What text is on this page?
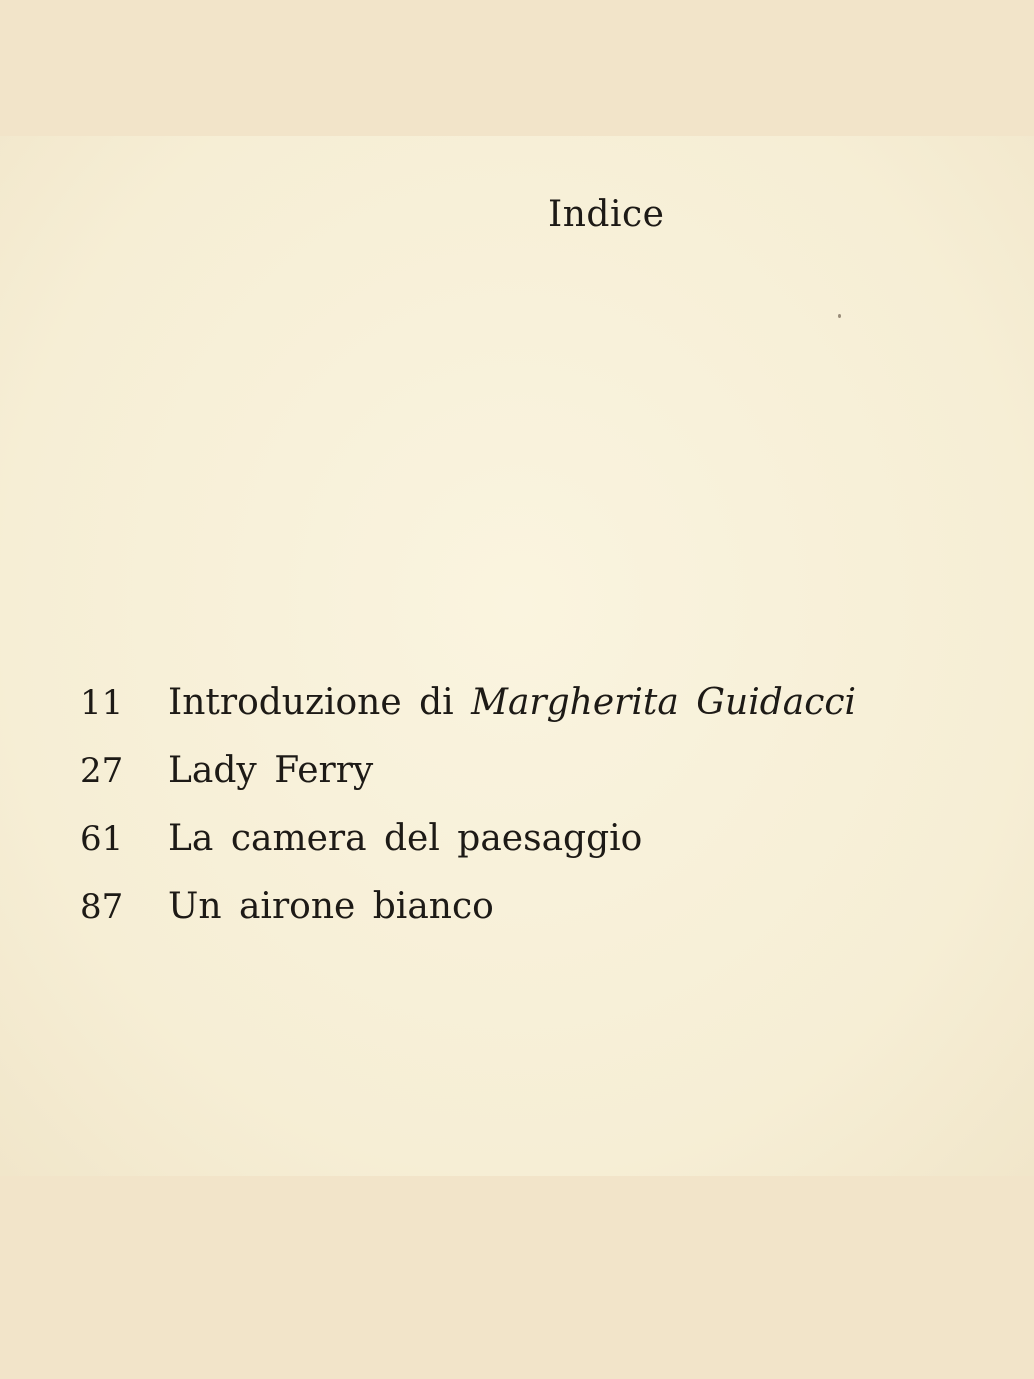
Indice
11	Introduzione di Margherita Guidacci
27	Lady Ferry
61	La camera del paesaggio
87	Un airone bianco
